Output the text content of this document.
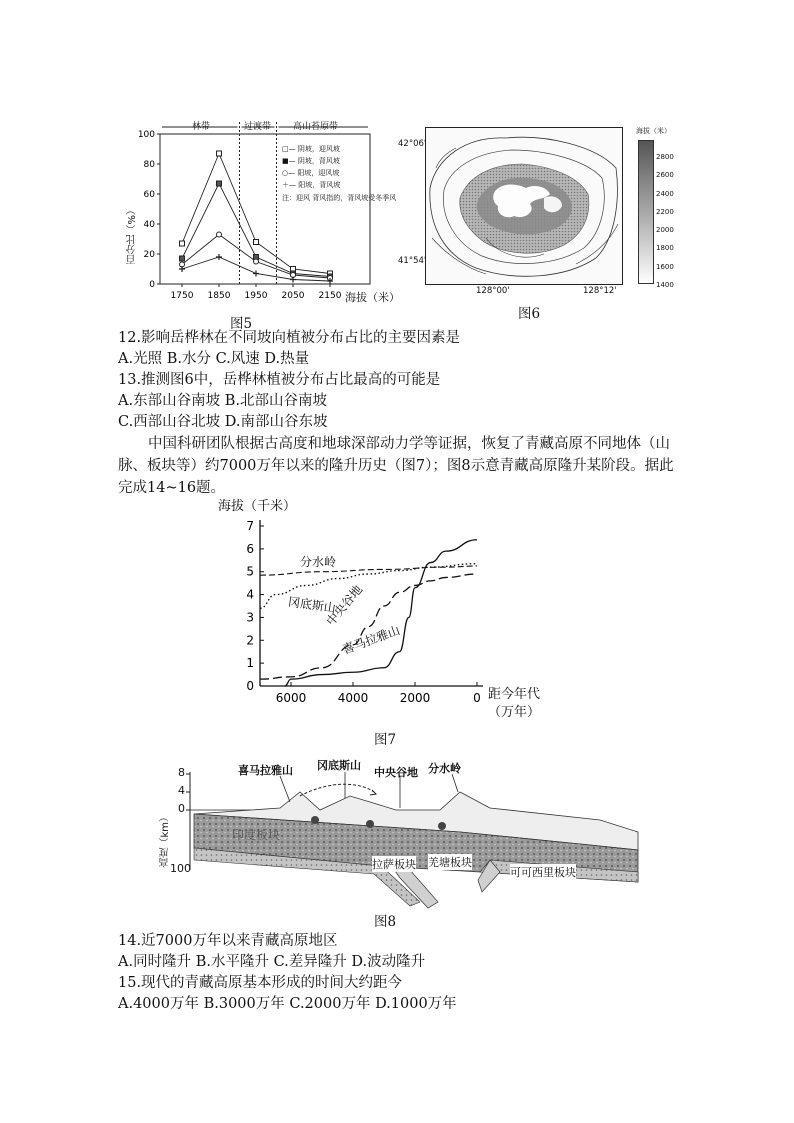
0
20
40
60
80
100
1750 1850 1950 2050 2150
林带	过渡带 高山苔原带
百分比（%）
海拔（米）
□— 阴坡，迎风坡
■— 阴坡，背风坡
○— 阳坡，迎风坡
＋— 阳坡，背风坡
注：迎风 背风指的，背风坡受冬季风
图5
42°06'
41°54'
128°00'	128°12'
海拔（米）
2800
2600
2400
2200
2000
1800
1600
1400
图6
12.影响岳桦林在不同坡向植被分布占比的主要因素是
A.光照 B.水分 C.风速 D.热量
13.推测图6中，岳桦林植被分布占比最高的可能是
A.东部山谷南坡 B.北部山谷南坡
C.西部山谷北坡 D.南部山谷东坡
中国科研团队根据古高度和地球深部动力学等证据，恢复了青藏高原不同地体（山脉、板块等）约7000万年以来的隆升历史（图7）；图8示意青藏高原隆升某阶段。据此完成14~16题。
海拔（千米）
0
1
2
3
4
5
6
7
6000	4000	2000	0
分水岭
冈底斯山
中央谷地
喜马拉雅山
距今年代
（万年）
图7
8
4
0
100
高度（km）
喜马拉雅山 冈底斯山
中央谷地 分水岭
印度板块
拉萨板块 羌塘板块
可可西里板块
图8
14.近7000万年以来青藏高原地区
A.同时隆升 B.水平隆升 C.差异隆升 D.波动隆升
15.现代的青藏高原基本形成的时间大约距今
A.4000万年 B.3000万年 C.2000万年 D.1000万年
